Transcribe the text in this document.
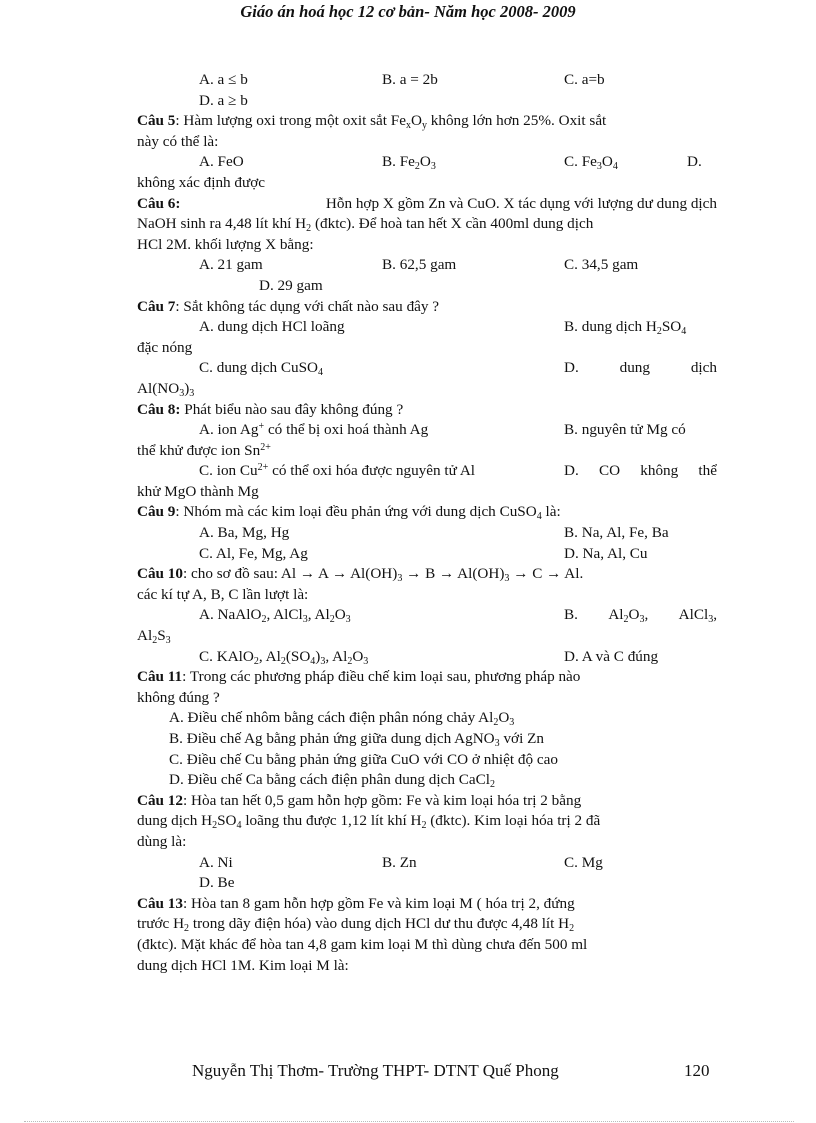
Giáo án hoá học 12 cơ bản- Năm học 2008- 2009
A. a ≤ b	B. a = 2b	C. a=b
D. a ≥ b
Câu 5: Hàm lượng oxi trong một oxit sắt $Fe_xO_y$ không lớn hơn 25%. Oxit sắt
này có thể là:
A. FeO	B. $Fe_2O_3$	C. $Fe_3O_4$	D.
không xác định được
Câu 6:	Hỗn hợp X gồm Zn và CuO. X tác dụng với lượng dư dung dịch
NaOH sinh ra 4,48 lít khí $H_2$ (đktc). Để hoà tan hết X cần 400ml dung dịch
HCl 2M. khối lượng X bằng:
A. 21 gam	B. 62,5 gam	C. 34,5 gam
D. 29 gam
Câu 7: Sắt không tác dụng với chất nào sau đây ?
A. dung dịch HCl loãng	B. dung dịch $H_2SO_4$
đặc nóng
C. dung dịch CuSO$_4$	D.	dung	dịch
$Al(NO_3)_3$
Câu 8: Phát biểu nào sau đây không đúng ?
A. ion Ag+ có thể bị oxi hoá thành Ag	B. nguyên tử Mg có
thể khử được ion $Sn^{2+}$
C. ion $Cu^{2+}$ có thể oxi hóa được nguyên tử Al	D. CO không thể
khử MgO thành Mg
Câu 9: Nhóm mà các kim loại đều phản ứng với dung dịch CuSO$_4$ là:
A. Ba, Mg, Hg	B. Na, Al, Fe, Ba
C. Al, Fe, Mg, Ag	D. Na, Al, Cu
Câu 10: cho sơ đồ sau: $Al \to A \to Al(OH)_3 \to B \to Al(OH)_3 \to C \to Al$.
các kí tự A, B, C lần lượt là:
A. NaAlO$_2$, AlCl$_3$, $Al_2O_3$	B. $Al_2O_3$, AlCl$_3$,
$Al_2S_3$
C. KAlO$_2$, $Al_2(SO_4)_3$, $Al_2O_3$	D. A và C đúng
Câu 11: Trong các phương pháp điều chế kim loại sau, phương pháp nào
không đúng ?
A. Điều chế nhôm bằng cách điện phân nóng chảy $Al_2O_3$
B. Điều chế Ag bằng phản ứng giữa dung dịch AgNO$_3$ với Zn
C. Điều chế Cu bằng phản ứng giữa CuO với CO ở nhiệt độ cao
D. Điều chế Ca bằng cách điện phân dung dịch CaCl$_2$
Câu 12: Hòa tan hết 0,5 gam hỗn hợp gồm: Fe và kim loại hóa trị 2 bằng
dung dịch $H_2SO_4$ loãng thu được 1,12 lít khí $H_2$ (đktc). Kim loại hóa trị 2 đã
dùng là:
A. Ni	B. Zn	C. Mg
D. Be
Câu 13: Hòa tan 8 gam hỗn hợp gồm Fe và kim loại M ( hóa trị 2, đứng
trước $H_2$ trong dãy điện hóa) vào dung dịch HCl dư thu được 4,48 lít $H_2$
(đktc). Mặt khác để hòa tan 4,8 gam kim loại M thì dùng chưa đến 500 ml
dung dịch HCl 1M. Kim loại M là:
Nguyễn Thị Thơm- Trường THPT- DTNT Quế Phong	120
